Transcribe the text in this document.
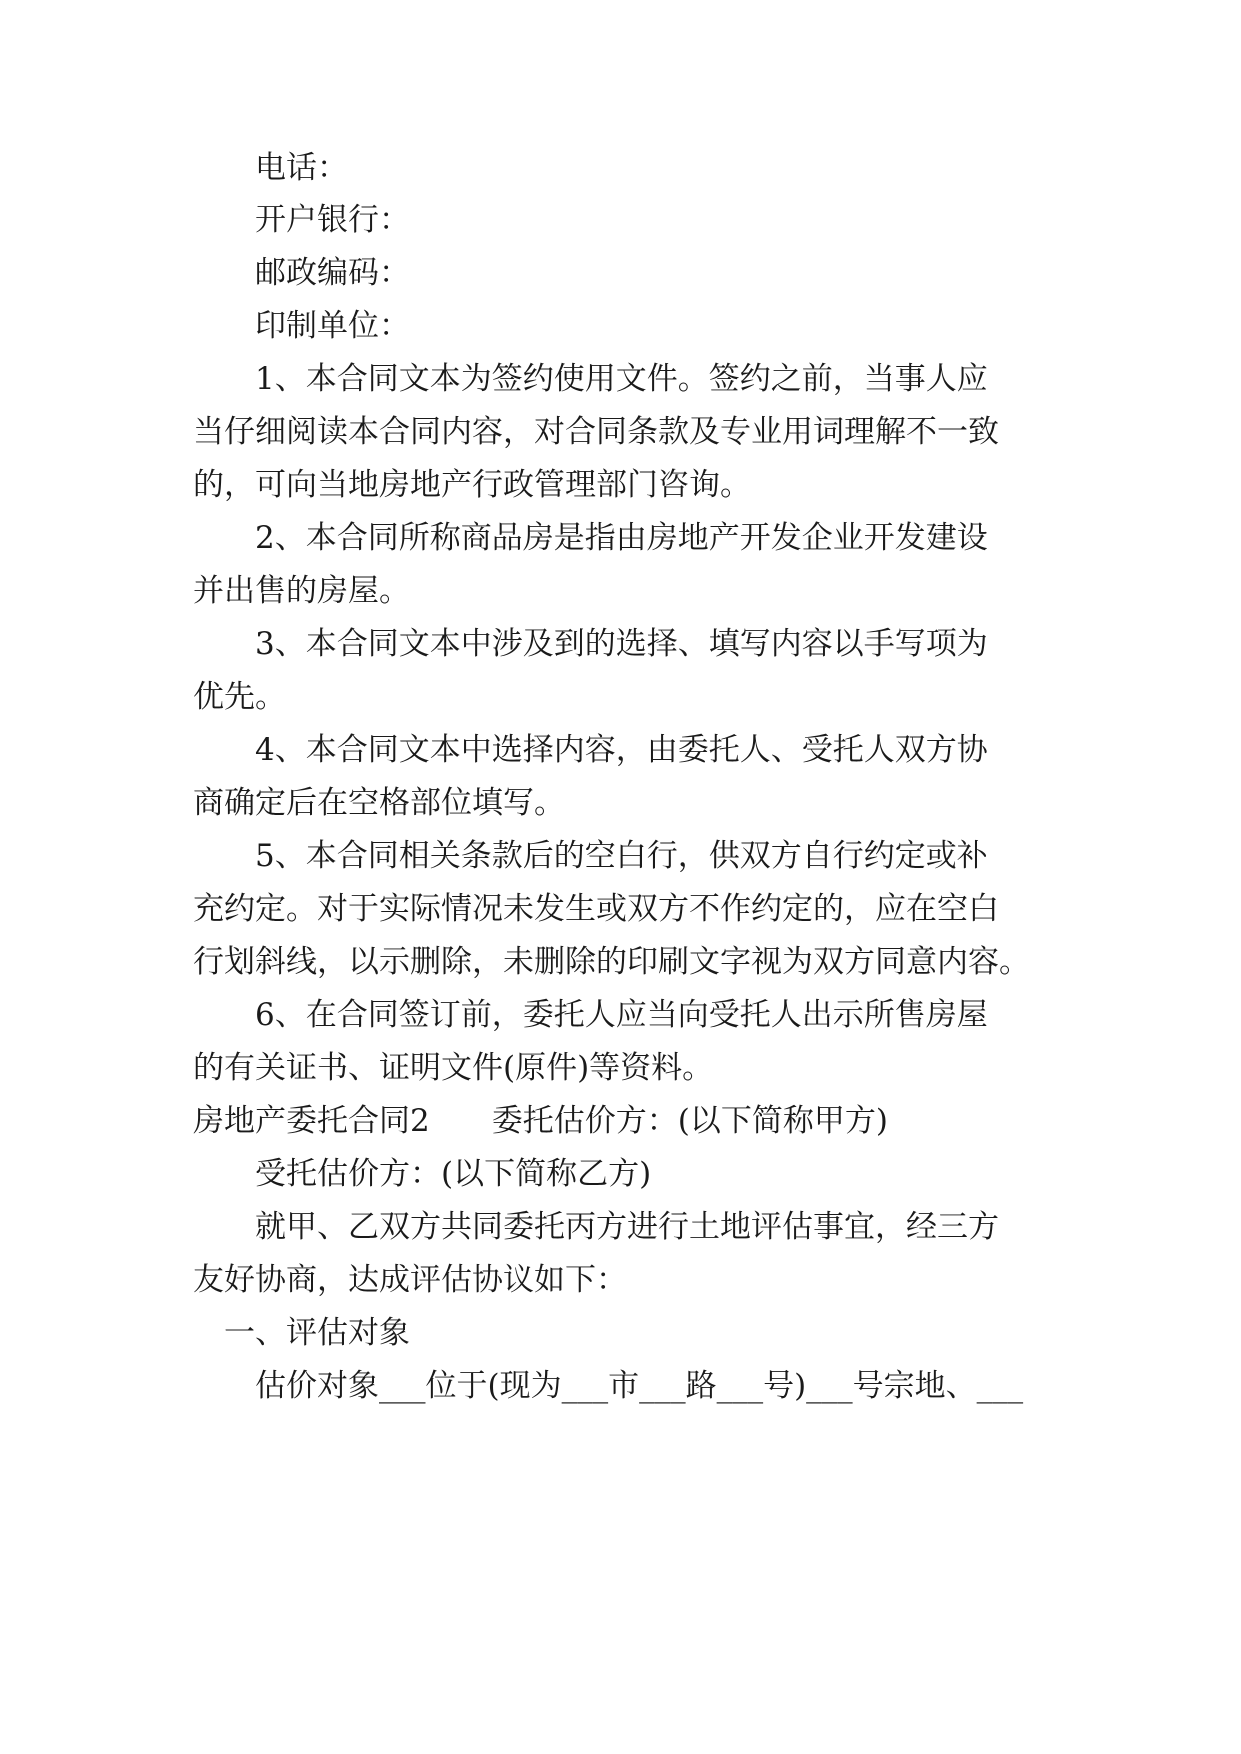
电话：
开户银行：
邮政编码：
印制单位：
1、本合同文本为签约使用文件。签约之前，当事人应
当仔细阅读本合同内容，对合同条款及专业用词理解不一致
的，可向当地房地产行政管理部门咨询。
2、本合同所称商品房是指由房地产开发企业开发建设
并出售的房屋。
3、本合同文本中涉及到的选择、填写内容以手写项为
优先。
4、本合同文本中选择内容，由委托人、受托人双方协
商确定后在空格部位填写。
5、本合同相关条款后的空白行，供双方自行约定或补
充约定。对于实际情况未发生或双方不作约定的，应在空白
行划斜线，以示删除，未删除的印刷文字视为双方同意内容。
6、在合同签订前，委托人应当向受托人出示所售房屋
的有关证书、证明文件(原件)等资料。
房地产委托合同2　　委托估价方：(以下简称甲方)
受托估价方：(以下简称乙方)
就甲、乙双方共同委托丙方进行土地评估事宜，经三方
友好协商，达成评估协议如下：
一、评估对象
估价对象___位于(现为___市___路___号)___号宗地、___
